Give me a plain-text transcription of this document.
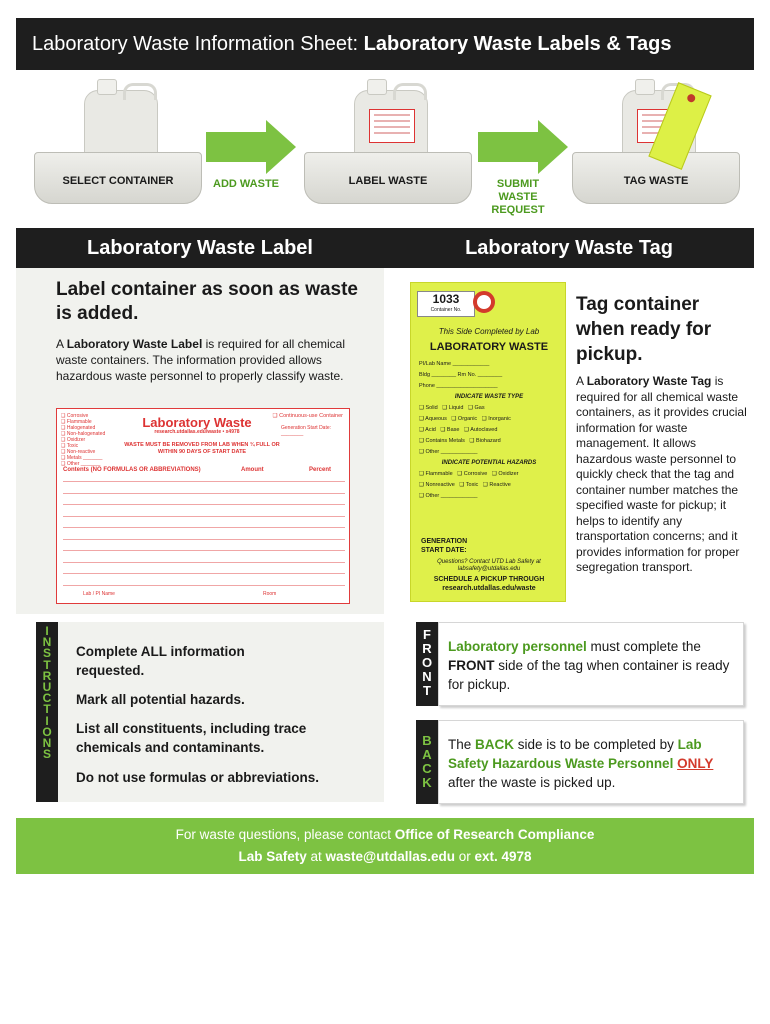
Laboratory Waste Information Sheet: Laboratory Waste Labels & Tags
SELECT CONTAINER	ADD WASTE	LABEL WASTE	SUBMIT WASTE REQUEST
TAG WASTE
Laboratory Waste Label	Laboratory Waste Tag
Label container as soon as waste is added.
A Laboratory Waste Label is required for all chemical waste containers. The information provided allows hazardous waste personnel to properly classify waste.
❑ Corrosive
❑ Flammable
❑ Halogenated
❑ Non-halogenated
❑ Oxidizer
❑ Toxic
❑ Non-reactive
❑ Metals _______
❑ Other _______
Laboratory Waste
research.utdallas.edu/waste • x4978
WASTE MUST BE REMOVED FROM LAB WHEN ¾ FULL OR WITHIN 90 DAYS OF START DATE
❑ Continuous-use Container
Generation Start Date: ________
Contents (NO FORMULAS OR ABBREVIATIONS)	Amount	Percent
Lab / PI Name	Room
1033
Container No.
This Side Completed by Lab
LABORATORY WASTE
PI/Lab Name ____________
Bldg ________ Rm No. ________
Phone ____________________
INDICATE WASTE TYPE
❑ Solid   ❑ Liquid   ❑ Gas
❑ Aqueous   ❑ Organic   ❑ Inorganic
❑ Acid   ❑ Base   ❑ Autoclaved
❑ Contains Metals   ❑ Biohazard
❑ Other ____________
INDICATE POTENTIAL HAZARDS
❑ Flammable   ❑ Corrosive   ❑ Oxidizer
❑ Nonreactive   ❑ Toxic   ❑ Reactive
❑ Other ____________
GENERATION START DATE:
Questions? Contact UTD Lab Safety at labsafety@utdallas.edu
SCHEDULE A PICKUP THROUGH research.utdallas.edu/waste
Tag container when ready for pickup.
A Laboratory Waste Tag is required for all chemical waste containers, as it provides crucial information for waste management. It allows hazardous waste personnel to quickly check that the tag and container number matches the specified waste for pickup; it helps to identify any transportation concerns; and it provides information for proper segregation transport.
I
N
S
T
R
U
C
T
I
O
N
S
Complete ALL information requested.
Mark all potential hazards.
List all constituents, including trace chemicals and contaminants.
Do not use formulas or abbreviations.
F
R
O
N
T
Laboratory personnel must complete the FRONT side of the tag when container is ready for pickup.
B
A
C
K
The BACK side is to be completed by Lab Safety Hazardous Waste Personnel ONLY after the waste is picked up.
For waste questions, please contact Office of Research Compliance
Lab Safety at waste@utdallas.edu or ext. 4978
